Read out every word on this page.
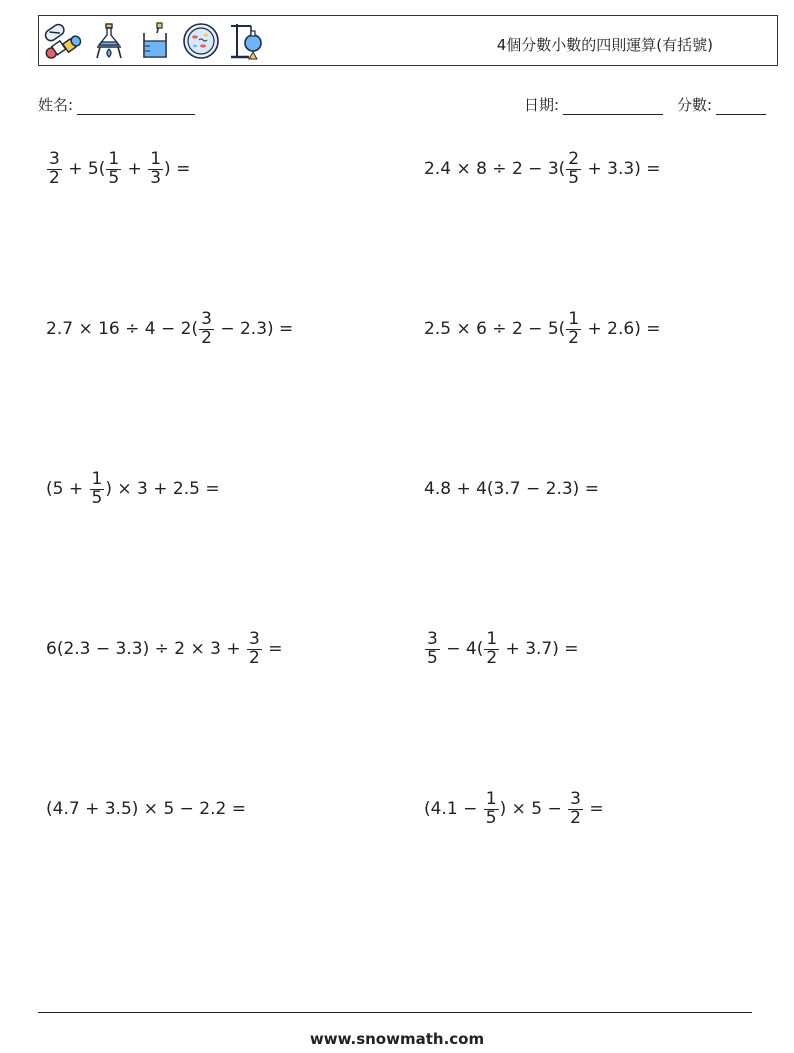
4個分數小數的四則運算(有括號)
姓名:	日期:	分數:
$\frac{3}{2} + 5( \frac{1}{5} + \frac{1}{3}$ ) =	$2.4 \times 8 \div 2 - 3( \frac{2}{5} + 3.3)$ =
$2.7 \times 16 \div 4 - 2( \frac{3}{2} - 2.3)$ =	$2.5 \times 6 \div 2 - 5( \frac{1}{2} + 2.6)$ =
($5 + \frac{1}{5}$ ) × 3 + 2.5 =	4.8 + 4(3.7 − 2.3) =
$6(2.3 - 3.3) \div 2 \times 3 + \frac{3}{2}$ =	$\frac{3}{5} - 4( \frac{1}{2} + 3.7)$ =
(4.7 + 3.5) × 5 − 2.2 =	($4.1 - \frac{1}{5}$ ) × $5 - \frac{3}{2}$ =
www.snowmath.com
